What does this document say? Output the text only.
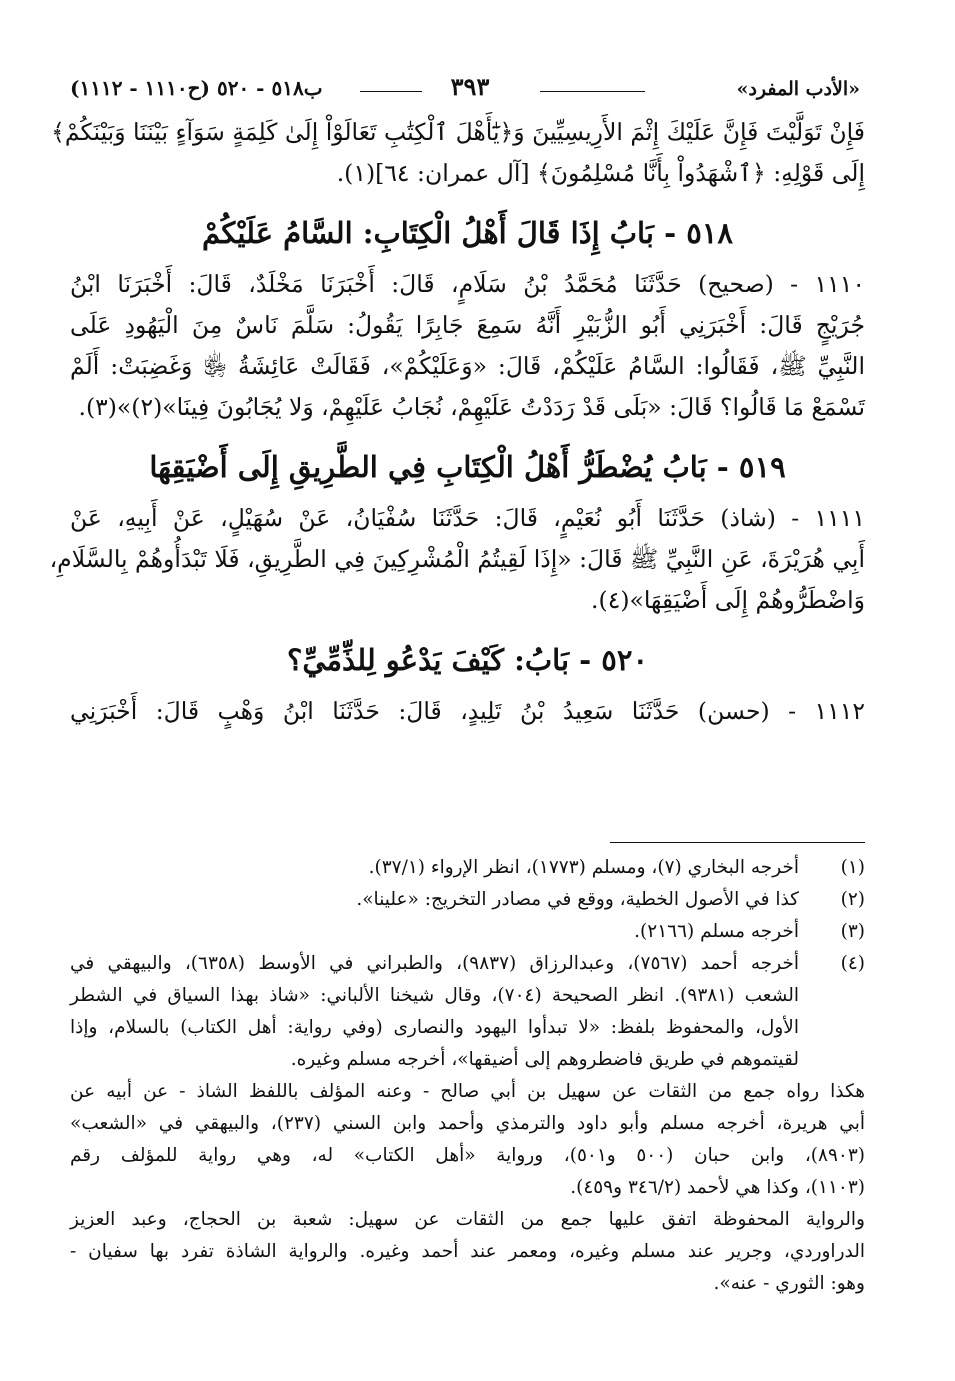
«الأدب المفرد»
٣٩٣
ب٥١٨ - ٥٢٠ (ح١١١٠ - ١١١٢)
فَإِنْ تَوَلَّيْتَ فَإِنَّ عَلَيْكَ إِثْمَ الأَرِيسِيِّينَ وَ﴿يَٰٓأَهْلَ ٱلْكِتَٰبِ تَعَالَوْاْ إِلَىٰ كَلِمَةٍ سَوَآءٍ بَيْنَنَا وَبَيْنَكُمْ﴾
إِلَى قَوْلِهِ: ﴿ٱشْهَدُواْ بِأَنَّا مُسْلِمُونَ﴾ [آل عمران: ٦٤](١).
٥١٨ - بَابُ إِذَا قَالَ أَهْلُ الْكِتَابِ: السَّامُ عَلَيْكُمْ
١١١٠ - (صحيح) حَدَّثَنَا مُحَمَّدُ بْنُ سَلَامٍ، قَالَ: أَخْبَرَنَا مَخْلَدٌ، قَالَ: أَخْبَرَنَا ابْنُ
جُرَيْجٍ قَالَ: أَخْبَرَنِي أَبُو الزُّبَيْرِ أَنَّهُ سَمِعَ جَابِرًا يَقُولُ: سَلَّمَ نَاسٌ مِنَ الْيَهُودِ عَلَى
النَّبِيِّ ﷺ، فَقَالُوا: السَّامُ عَلَيْكُمْ، قَالَ: «وَعَلَيْكُمْ»، فَقَالَتْ عَائِشَةُ ﵂ وَغَضِبَتْ: أَلَمْ
تَسْمَعْ مَا قَالُوا؟ قَالَ: «بَلَى قَدْ رَدَدْتُ عَلَيْهِمْ، نُجَابُ عَلَيْهِمْ، وَلا يُجَابُونَ فِينَا»(٢)»(٣).
٥١٩ - بَابُ يُضْطَرُّ أَهْلُ الْكِتَابِ فِي الطَّرِيقِ إِلَى أَضْيَقِهَا
١١١١ - (شاذ) حَدَّثَنَا أَبُو نُعَيْمٍ، قَالَ: حَدَّثَنَا سُفْيَانُ، عَنْ سُهَيْلٍ، عَنْ أَبِيهِ، عَنْ
أَبِي هُرَيْرَةَ، عَنِ النَّبِيِّ ﷺ قَالَ: «إِذَا لَقِيتُمُ الْمُشْرِكِينَ فِي الطَّرِيقِ، فَلَا تَبْدَأُوهُمْ بِالسَّلَامِ،
وَاضْطَرُّوهُمْ إِلَى أَضْيَقِهَا»(٤).
٥٢٠ - بَابُ: كَيْفَ يَدْعُو لِلذِّمِّيِّ؟
١١١٢ - (حسن) حَدَّثَنَا سَعِيدُ بْنُ تَلِيدٍ، قَالَ: حَدَّثَنَا ابْنُ وَهْبٍ قَالَ: أَخْبَرَنِي
(١)
أخرجه البخاري (٧)، ومسلم (١٧٧٣)، انظر الإرواء (٣٧/١).
(٢)
كذا في الأصول الخطية، ووقع في مصادر التخريج: «علينا».
(٣)
أخرجه مسلم (٢١٦٦).
(٤)
أخرجه أحمد (٧٥٦٧)، وعبدالرزاق (٩٨٣٧)، والطبراني في الأوسط (٦٣٥٨)، والبيهقي في
الشعب (٩٣٨١). انظر الصحيحة (٧٠٤)، وقال شيخنا الألباني: «شاذ بهذا السياق في الشطر
الأول، والمحفوظ بلفظ: «لا تبدأوا اليهود والنصارى (وفي رواية: أهل الكتاب) بالسلام، وإذا
لقيتموهم في طريق فاضطروهم إلى أضيقها»، أخرجه مسلم وغيره.
هكذا رواه جمع من الثقات عن سهيل بن أبي صالح - وعنه المؤلف باللفظ الشاذ - عن أبيه عن
أبي هريرة، أخرجه مسلم وأبو داود والترمذي وأحمد وابن السني (٢٣٧)، والبيهقي في «الشعب»
(٨٩٠٣)، وابن حبان (٥٠٠ و٥٠١)، ورواية «أهل الكتاب» له، وهي رواية للمؤلف رقم
(١١٠٣)، وكذا هي لأحمد (٣٤٦/٢ و٤٥٩).
والرواية المحفوظة اتفق عليها جمع من الثقات عن سهيل: شعبة بن الحجاج، وعبد العزيز
الدراوردي، وجرير عند مسلم وغيره، ومعمر عند أحمد وغيره. والرواية الشاذة تفرد بها سفيان -
وهو: الثوري - عنه».
